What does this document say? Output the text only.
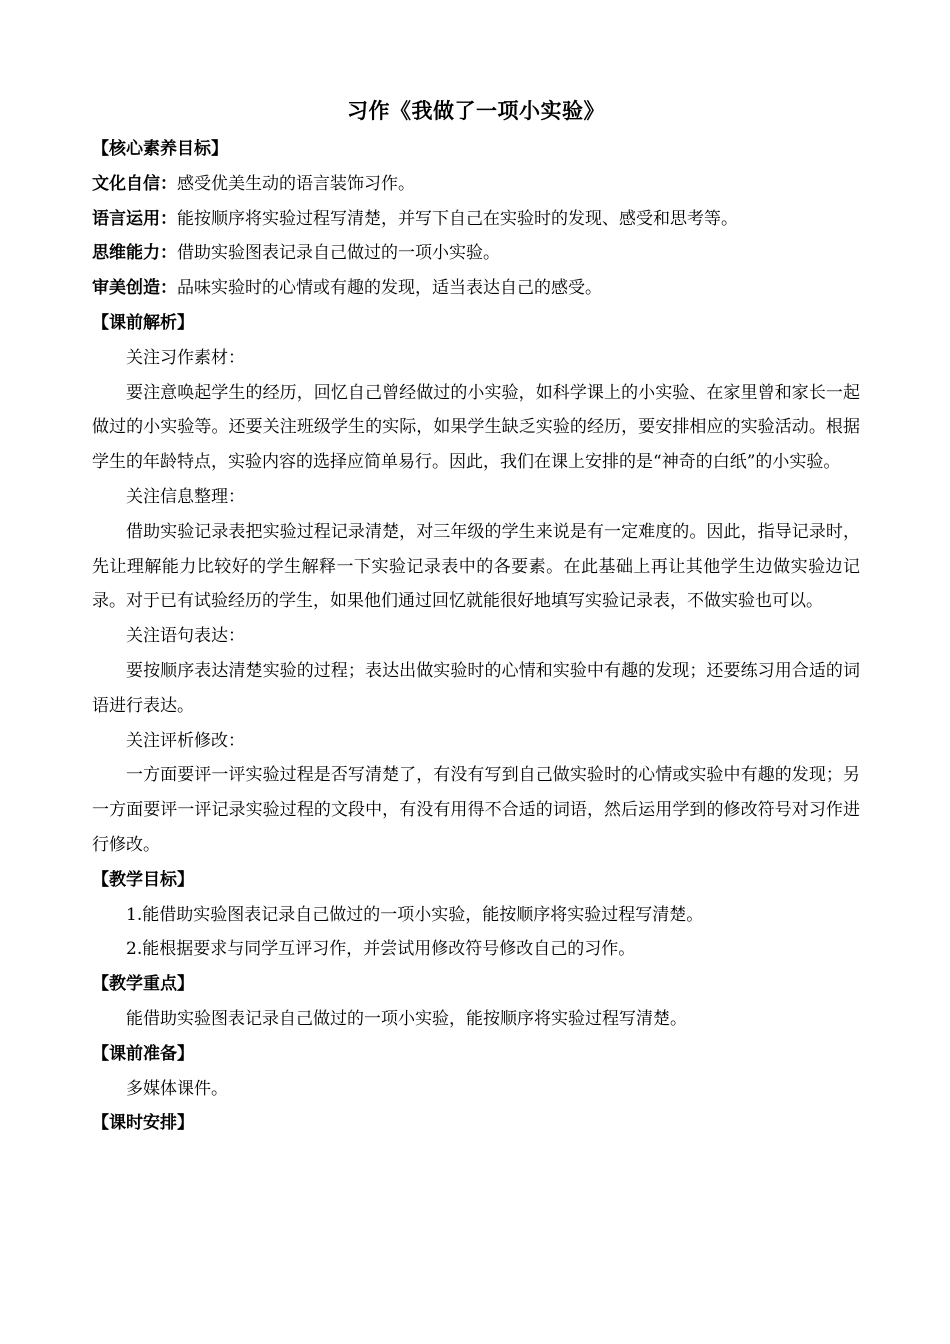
习作《我做了一项小实验》
【核心素养目标】
文化自信：感受优美生动的语言装饰习作。
语言运用：能按顺序将实验过程写清楚，并写下自己在实验时的发现、感受和思考等。
思维能力：借助实验图表记录自己做过的一项小实验。
审美创造：品味实验时的心情或有趣的发现，适当表达自己的感受。
【课前解析】
关注习作素材：

要注意唤起学生的经历，回忆自己曾经做过的小实验，如科学课上的小实验、在家里曾和家长一起做过的小实验等。还要关注班级学生的实际，如果学生缺乏实验的经历，要安排相应的实验活动。根据学生的年龄特点，实验内容的选择应简单易行。因此，我们在课上安排的是“神奇的白纸”的小实验。

关注信息整理：

借助实验记录表把实验过程记录清楚，对三年级的学生来说是有一定难度的。因此，指导记录时，先让理解能力比较好的学生解释一下实验记录表中的各要素。在此基础上再让其他学生边做实验边记录。对于已有试验经历的学生，如果他们通过回忆就能很好地填写实验记录表，不做实验也可以。

关注语句表达：

要按顺序表达清楚实验的过程；表达出做实验时的心情和实验中有趣的发现；还要练习用合适的词语进行表达。

关注评析修改：

一方面要评一评实验过程是否写清楚了，有没有写到自己做实验时的心情或实验中有趣的发现；另一方面要评一评记录实验过程的文段中，有没有用得不合适的词语，然后运用学到的修改符号对习作进行修改。

【教学目标】
1.能借助实验图表记录自己做过的一项小实验，能按顺序将实验过程写清楚。
2.能根据要求与同学互评习作，并尝试用修改符号修改自己的习作。
【教学重点】
能借助实验图表记录自己做过的一项小实验，能按顺序将实验过程写清楚。
【课前准备】
多媒体课件。
【课时安排】
